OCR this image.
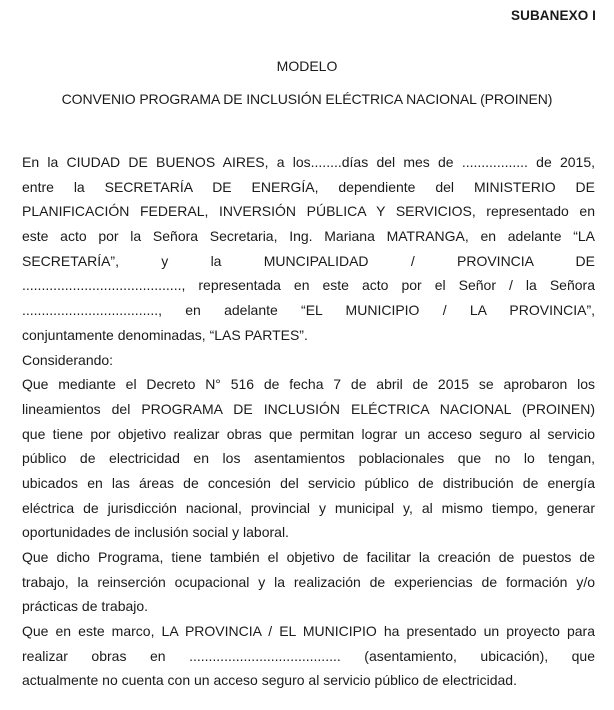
SUBANEXO I
MODELO
CONVENIO PROGRAMA DE INCLUSIÓN ELÉCTRICA NACIONAL (PROINEN)
En la CIUDAD DE BUENOS AIRES, a los........días del mes de ................. de 2015,
entre la SECRETARÍA DE ENERGÍA, dependiente del MINISTERIO DE
PLANIFICACIÓN FEDERAL, INVERSIÓN PÚBLICA Y SERVICIOS, representado en
este acto por la Señora Secretaria, Ing. Mariana MATRANGA, en adelante “LA
SECRETARÍA”, y la MUNCIPALIDAD / PROVINCIA DE
........................................., representada en este acto por el Señor / la Señora
..................................., en adelante “EL MUNICIPIO / LA PROVINCIA”,
conjuntamente denominadas, “LAS PARTES”.
Considerando:
Que mediante el Decreto N° 516 de fecha 7 de abril de 2015 se aprobaron los
lineamientos del PROGRAMA DE INCLUSIÓN ELÉCTRICA NACIONAL (PROINEN)
que tiene por objetivo realizar obras que permitan lograr un acceso seguro al servicio
público de electricidad en los asentamientos poblacionales que no lo tengan,
ubicados en las áreas de concesión del servicio público de distribución de energía
eléctrica de jurisdicción nacional, provincial y municipal y, al mismo tiempo, generar
oportunidades de inclusión social y laboral.
Que dicho Programa, tiene también el objetivo de facilitar la creación de puestos de
trabajo, la reinserción ocupacional y la realización de experiencias de formación y/o
prácticas de trabajo.
Que en este marco, LA PROVINCIA / EL MUNICIPIO ha presentado un proyecto para
realizar obras en ....................................... (asentamiento, ubicación), que
actualmente no cuenta con un acceso seguro al servicio público de electricidad.
